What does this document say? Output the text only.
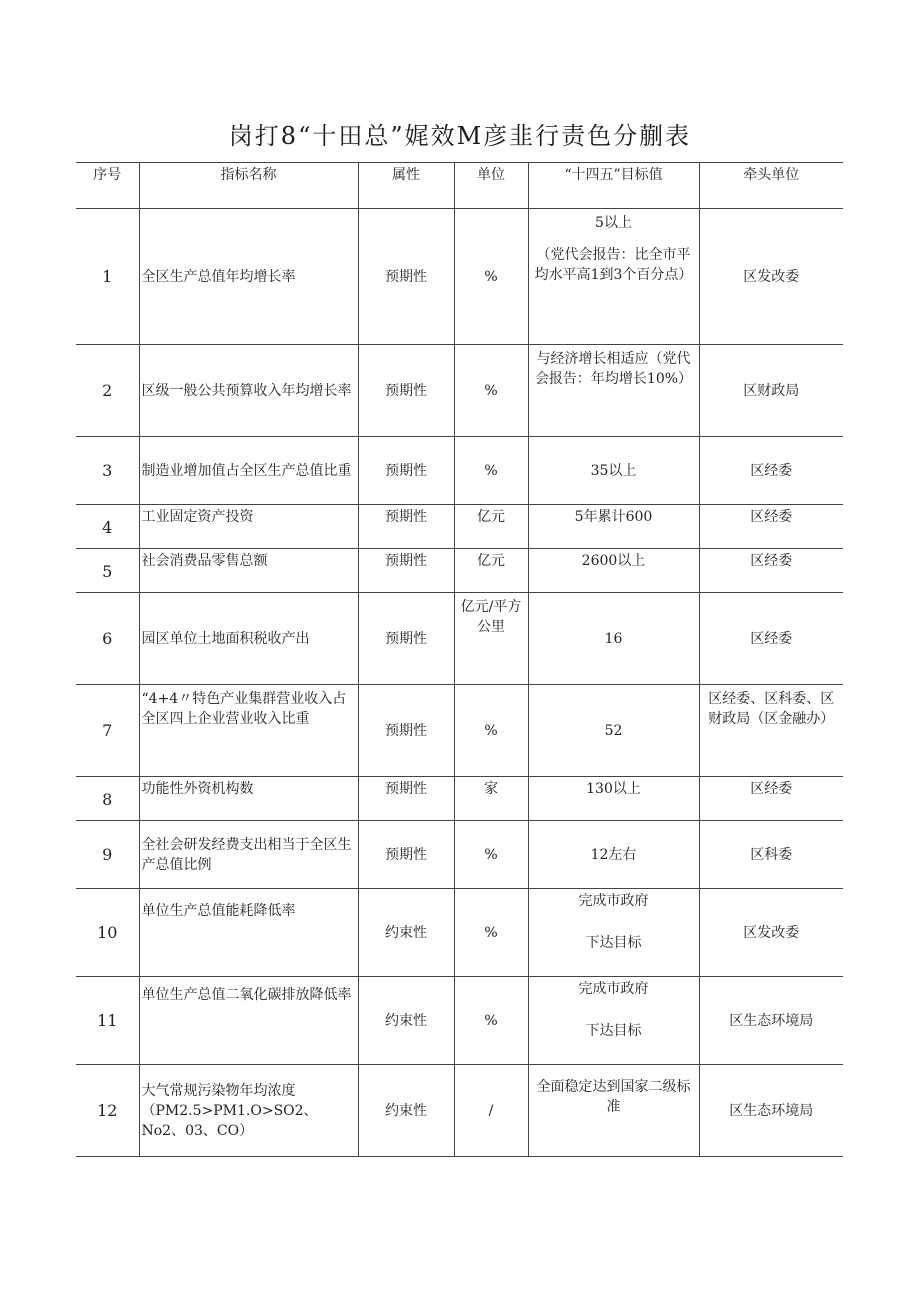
岗打8“十田总”娓效M彦韭行责色分蒯表
序号	指标名称	属性	单位	“十四五”目标值	牵头单位
1	全区生产总值年均增长率	预期性	%	5以上
（党代会报告：比全市平均水平高1到3个百分点）	区发改委
2	区级一般公共预算收入年均增长率	预期性	%	与经济增长相适应（党代会报告：年均增长10%）	区财政局
3	制造业增加值占全区生产总值比重	预期性	%	35以上	区经委
4	工业固定资产投资	预期性	亿元	5年累计600	区经委
5	社会消费品零售总额	预期性	亿元	2600以上	区经委
6	园区单位土地面积税收产出	预期性	亿元/平方公里	16	区经委
7	“4+4〃特色产业集群营业收入占全区四上企业营业收入比重	预期性	%	52	区经委、区科委、区财政局（区金融办）
8	功能性外资机构数	预期性	家	130以上	区经委
9	全社会研发经费支出相当于全区生产总值比例	预期性	%	12左右	区科委
10	单位生产总值能耗降低率	约束性	%	完成市政府
下达目标	区发改委
11	单位生产总值二氧化碳排放降低率	约束性	%	完成市政府
下达目标	区生态环境局
12	大气常规污染物年均浓度（PM2.5>PM1.O>SO2、No2、03、CO）	约束性	/	全面稳定达到国家二级标准	区生态环境局
